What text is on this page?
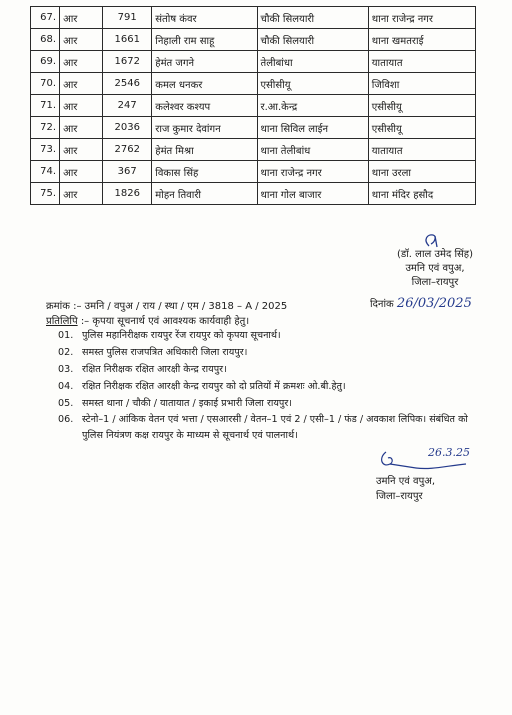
67.	आर	791	संतोष कंवर	चौकी सिलयारी	थाना राजेन्द्र नगर
68.	आर	1661	निहाली राम साहू	चौकी सिलयारी	थाना खमतराई
69.	आर	1672	हेमंत जगने	तेलीबांधा	यातायात
70.	आर	2546	कमल धनकर	एसीसीयू	जिविशा
71.	आर	247	कलेश्वर कश्यप	र.आ.केन्द्र	एसीसीयू
72.	आर	2036	राज कुमार देवांगन	थाना सिविल लाईन	एसीसीयू
73.	आर	2762	हेमंत मिश्रा	थाना तेलीबांध	यातायात
74.	आर	367	विकास सिंह	थाना राजेन्द्र नगर	थाना उरला
75.	आर	1826	मोहन तिवारी	थाना गोल बाजार	थाना मंदिर हसौद
(डॉ. लाल उमेद सिंह)
उमनि एवं वपुअ,
जिला–रायपुर
क्रमांक :– उमनि / वपुअ / राय / स्था / एम / 3818 – A / 2025	दिनांक 26/03/2025
प्रतिलिपि :– कृपया सूचनार्थ एवं आवश्यक कार्यवाही हेतु।
01. पुलिस महानिरीक्षक रायपुर रेंज रायपुर को कृपया सूचनार्थ।
02. समस्त पुलिस राजपत्रित अधिकारी जिला रायपुर।
03. रक्षित निरीक्षक रक्षित आरक्षी केन्द्र रायपुर।
04. रक्षित निरीक्षक रक्षित आरक्षी केन्द्र रायपुर को दो प्रतियों में क्रमशः ओ.बी.हेतु।
05. समस्त थाना / चौकी / यातायात / इकाई प्रभारी जिला रायपुर।
06. स्टेनो–1 / आंकिक वेतन एवं भत्ता / एसआरसी / वेतन–1 एवं 2 / एसी–1 / फंड / अवकाश लिपिक। संबंधित को पुलिस नियंत्रण कक्ष रायपुर के माध्यम से सूचनार्थ एवं पालनार्थ।
26.3.25
उमनि एवं वपुअ,
जिला–रायपुर
